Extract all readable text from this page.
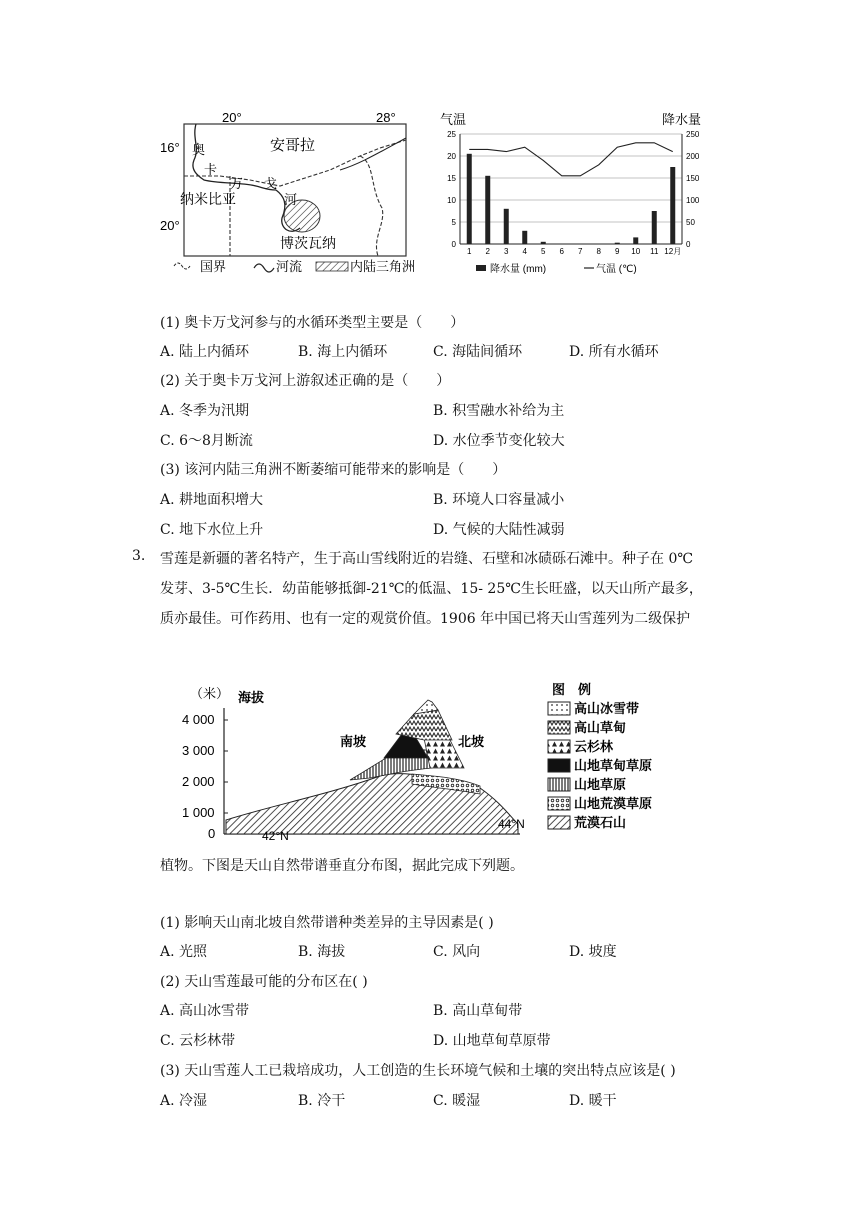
20°	28°
16°
20°
安哥拉
纳米比亚
博茨瓦纳
奥
卡
万 戈
河
国界	河流	内陆三角洲
气温	降水量
0	0
5	50
10	100
15	150
20	200
25	250
1 2 3 4 5 6 7 8 9 10 11 12月
降水量 (mm)	气温 (℃)
(1) 奥卡万戈河参与的水循环类型主要是（　　）
A. 陆上内循环	B. 海上内循环	C. 海陆间循环	D. 所有水循环
(2) 关于奥卡万戈河上游叙述正确的是（　　）
A. 冬季为汛期	B. 积雪融水补给为主
C. 6～8月断流	D. 水位季节变化较大
(3) 该河内陆三角洲不断萎缩可能带来的影响是（　　）
A. 耕地面积增大	B. 环境人口容量减小
C. 地下水位上升	D. 气候的大陆性减弱
3. 雪莲是新疆的著名特产，生于高山雪线附近的岩缝、石壁和冰碛砾石滩中。种子在 0℃
发芽、3-5℃生长．幼苗能够抵御-21℃的低温、15- 25℃生长旺盛，以天山所产最多，
质亦最佳。可作药用、也有一定的观赏价值。1906 年中国已将天山雪莲列为二级保护
（米） 海拔
4 000
3 000
2 000
1 000
0
南坡	北坡
42°N
44°N
图　例
高山冰雪带
高山草甸
云杉林
山地草甸草原
山地草原
山地荒漠草原
荒漠石山
植物。下图是天山自然带谱垂直分布图，据此完成下列题。
(1) 影响天山南北坡自然带谱种类差异的主导因素是( )
A. 光照	B. 海拔	C. 风向	D. 坡度
(2) 天山雪莲最可能的分布区在( )
A. 高山冰雪带	B. 高山草甸带
C. 云杉林带	D. 山地草甸草原带
(3) 天山雪莲人工已栽培成功，人工创造的生长环境气候和土壤的突出特点应该是( )
A. 冷湿	B. 冷干	C. 暖湿	D. 暖干
